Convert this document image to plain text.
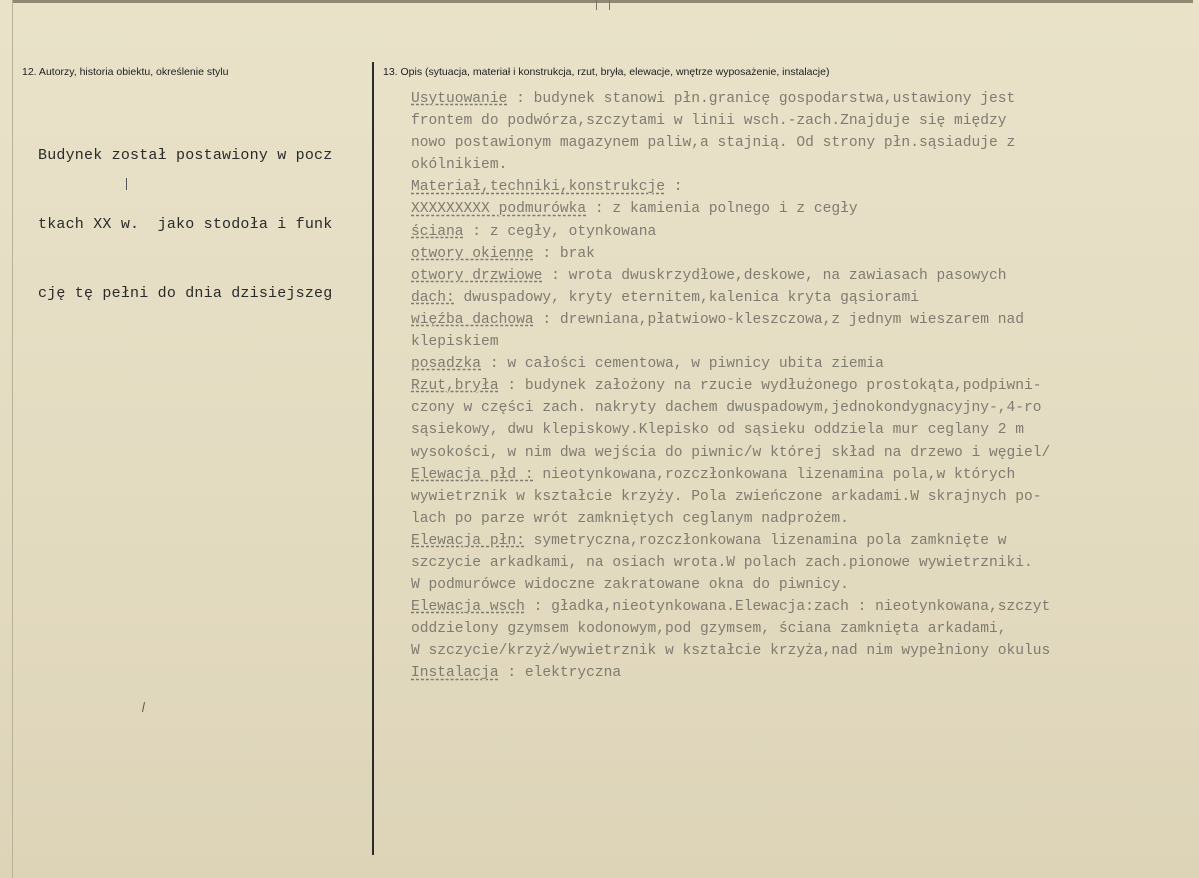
12. Autorzy, historia obiektu, określenie stylu	13. Opis (sytuacja, materiał i konstrukcja, rzut, bryła, elewacje, wnętrze wyposażenie, instalacje)

Budynek został postawiony w pocz

tkach XX w.  jako stodoła i funk

cję tę pełni do dnia dzisiejszeg

Usytuowanie : budynek stanowi płn.granicę gospodarstwa,ustawiony jest
frontem do podwórza,szczytami w linii wsch.-zach.Znajduje się między
nowo postawionym magazynem paliw,a stajnią. Od strony płn.sąsiaduje z
okólnikiem.
Materiał,techniki,konstrukcje :
XXXXXXXXX podmurówka : z kamienia polnego i z cegły
ściana : z cegły, otynkowana
otwory okienne : brak
otwory drzwiowe : wrota dwuskrzydłowe,deskowe, na zawiasach pasowych
dach: dwuspadowy, kryty eternitem,kalenica kryta gąsiorami
więźba dachowa : drewniana,płatwiowo-kleszczowa,z jednym wieszarem nad
klepiskiem
posadzka : w całości cementowa, w piwnicy ubita ziemia
Rzut,bryła : budynek założony na rzucie wydłużonego prostokąta,podpiwni-
czony w części zach. nakryty dachem dwuspadowym,jednokondygnacyjny-,4-ro
sąsiekowy, dwu klepiskowy.Klepisko od sąsieku oddziela mur ceglany 2 m
wysokości, w nim dwa wejścia do piwnic/w której skład na drzewo i węgiel/
Elewacja płd : nieotynkowana,rozczłonkowana lizenamina pola,w których
wywietrznik w kształcie krzyży. Pola zwieńczone arkadami.W skrajnych po-
lach po parze wrót zamkniętych ceglanym nadprożem.
Elewacja płn: symetryczna,rozczłonkowana lizenamina pola zamknięte w
szczycie arkadkami, na osiach wrota.W polach zach.pionowe wywietrzniki.
W podmurówce widoczne zakratowane okna do piwnicy.
Elewacja wsch : gładka,nieotynkowana.Elewacja:zach : nieotynkowana,szczyt
oddzielony gzymsem kodonowym,pod gzymsem, ściana zamknięta arkadami,
W szczycie/krzyż/wywietrznik w kształcie krzyża,nad nim wypełniony okulus
Instalacja : elektryczna
